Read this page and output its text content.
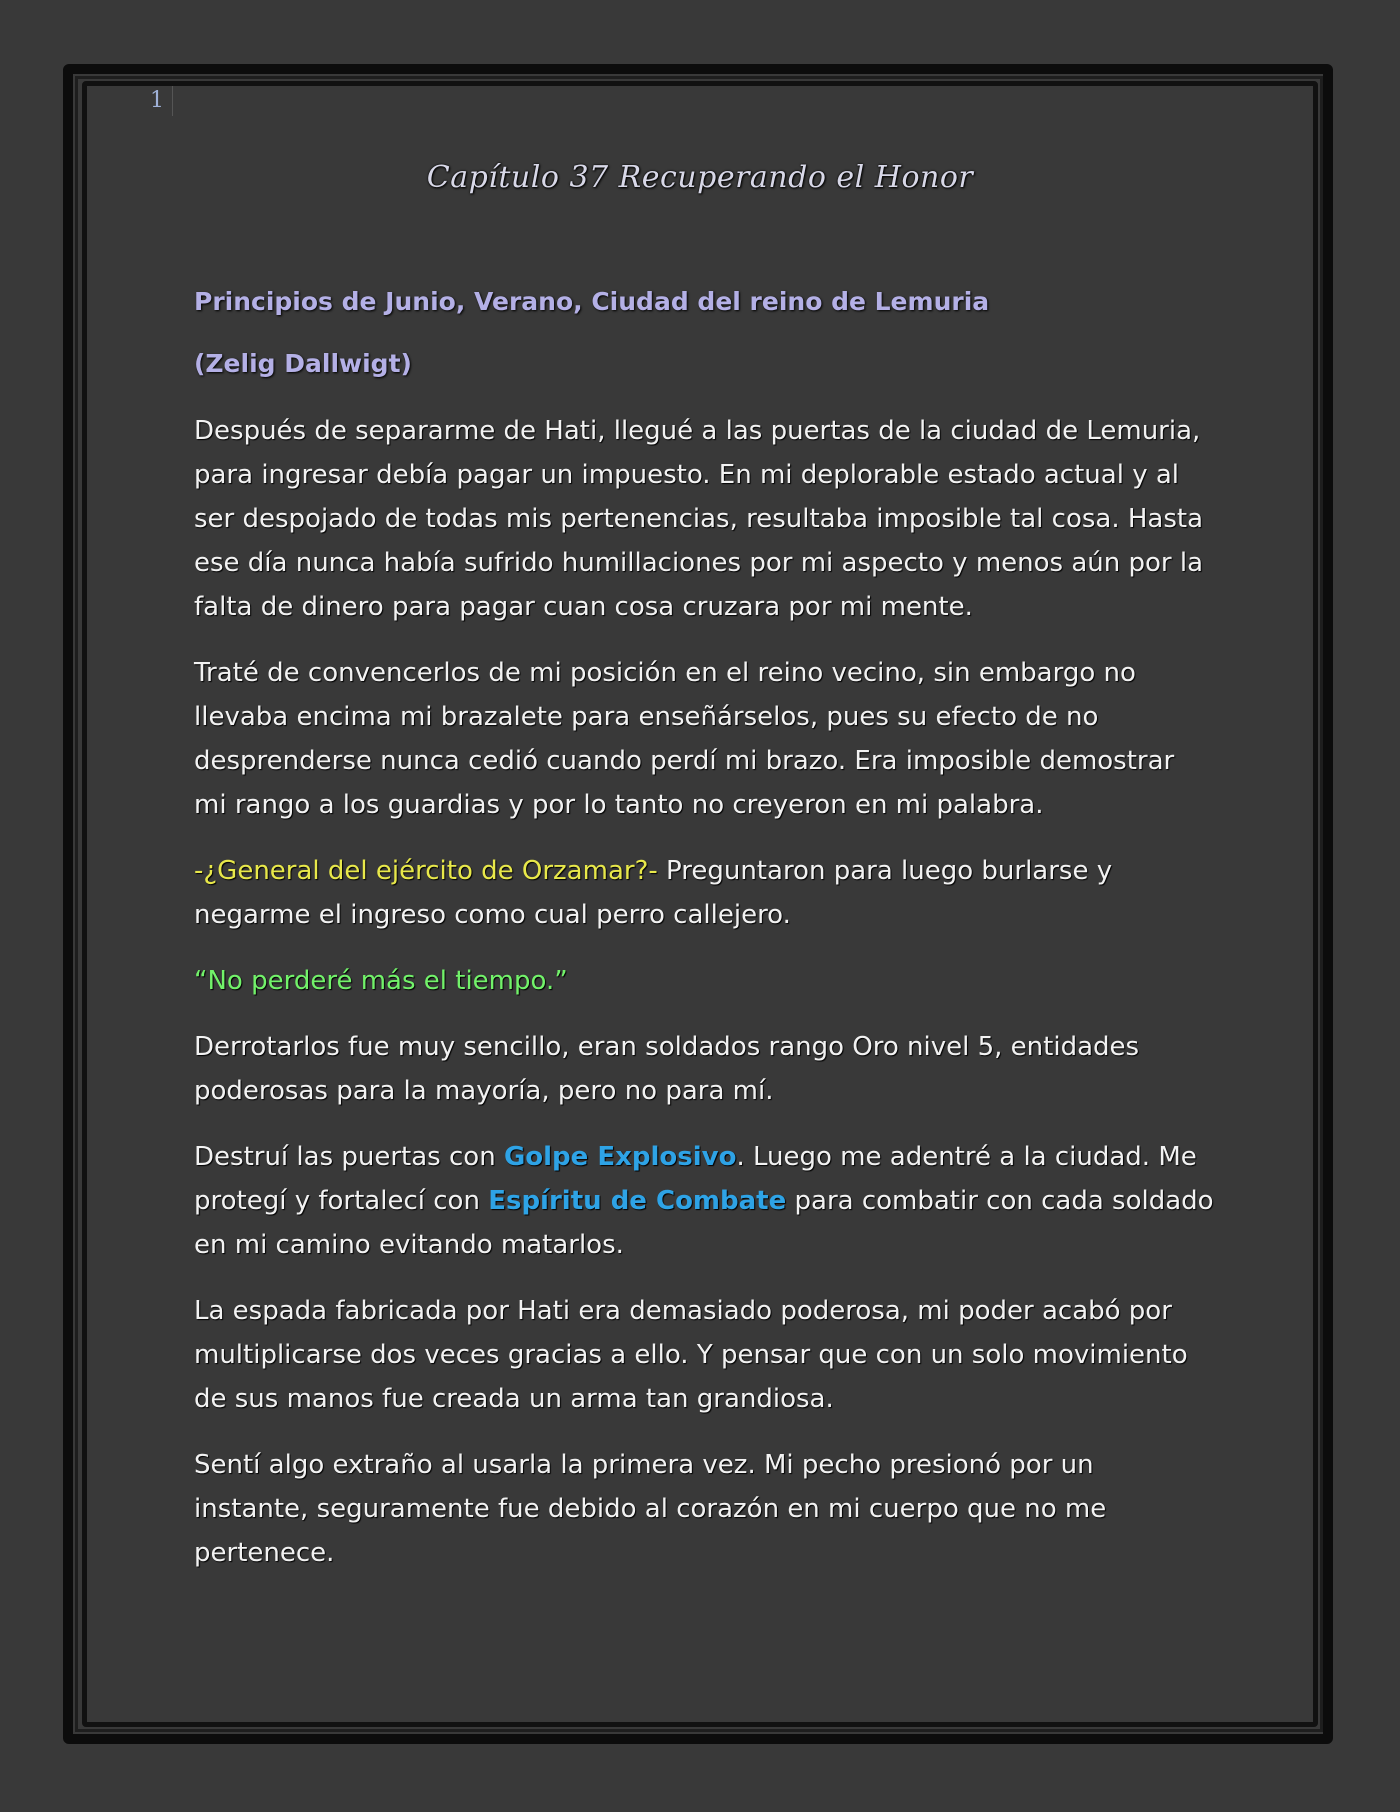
1
Capítulo 37 Recuperando el Honor

Principios de Junio, Verano, Ciudad del reino de Lemuria

(Zelig Dallwigt)

Después de separarme de Hati, llegué a las puertas de la ciudad de Lemuria, para ingresar debía pagar un impuesto. En mi deplorable estado actual y al ser despojado de todas mis pertenencias, resultaba imposible tal cosa. Hasta ese día nunca había sufrido humillaciones por mi aspecto y menos aún por la falta de dinero para pagar cuan cosa cruzara por mi mente.

Traté de convencerlos de mi posición en el reino vecino, sin embargo no llevaba encima mi brazalete para enseñárselos, pues su efecto de no desprenderse nunca cedió cuando perdí mi brazo. Era imposible demostrar mi rango a los guardias y por lo tanto no creyeron en mi palabra.

-¿General del ejército de Orzamar?- Preguntaron para luego burlarse y negarme el ingreso como cual perro callejero.

“No perderé más el tiempo.”

Derrotarlos fue muy sencillo, eran soldados rango Oro nivel 5, entidades poderosas para la mayoría, pero no para mí.

Destruí las puertas con Golpe Explosivo. Luego me adentré a la ciudad. Me protegí y fortalecí con Espíritu de Combate para combatir con cada soldado en mi camino evitando matarlos.

La espada fabricada por Hati era demasiado poderosa, mi poder acabó por multiplicarse dos veces gracias a ello. Y pensar que con un solo movimiento de sus manos fue creada un arma tan grandiosa.

Sentí algo extraño al usarla la primera vez. Mi pecho presionó por un instante, seguramente fue debido al corazón en mi cuerpo que no me pertenece.
